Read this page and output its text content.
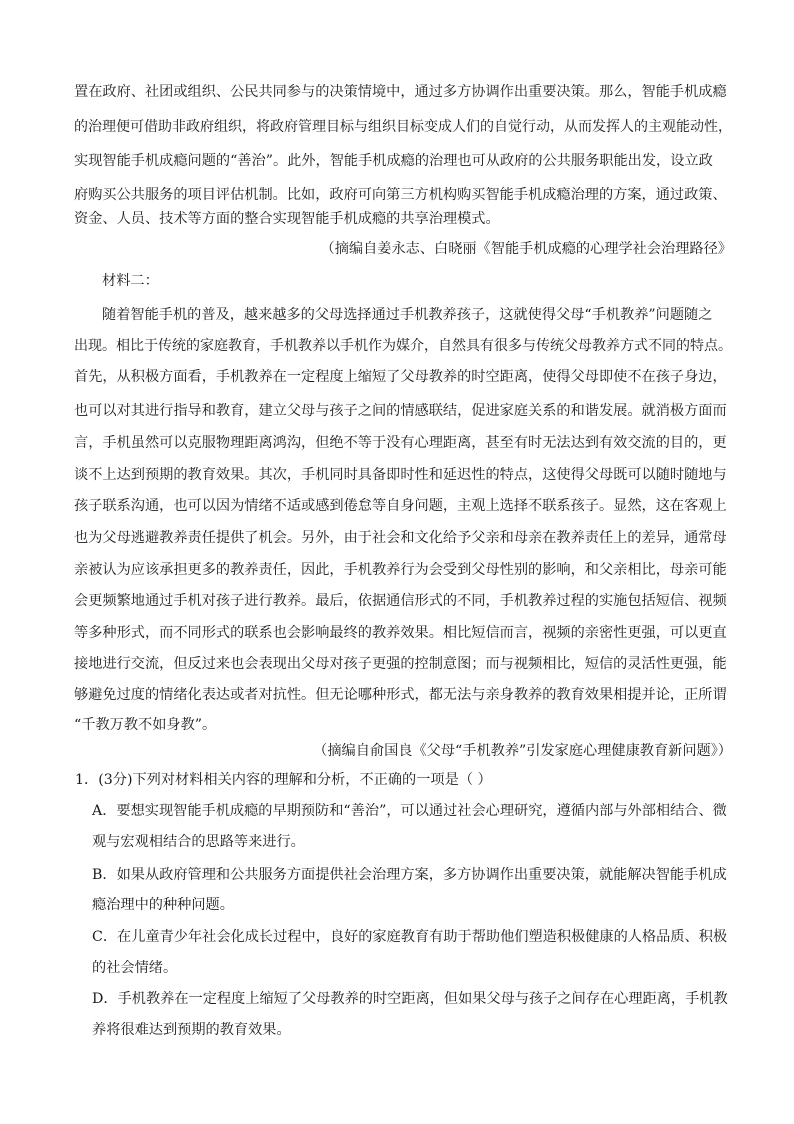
置在政府、社团或组织、公民共同参与的决策情境中，通过多方协调作出重要决策。那么，智能手机成瘾
的治理便可借助非政府组织，将政府管理目标与组织目标变成人们的自觉行动，从而发挥人的主观能动性，
实现智能手机成瘾问题的“善治”。此外，智能手机成瘾的治理也可从政府的公共服务职能出发，设立政
府购买公共服务的项目评估机制。比如，政府可向第三方机构购买智能手机成瘾治理的方案，通过政策、
资金、人员、技术等方面的整合实现智能手机成瘾的共享治理模式。
（摘编自姜永志、白晓丽《智能手机成瘾的心理学社会治理路径》
材料二：
随着智能手机的普及，越来越多的父母选择通过手机教养孩子，这就使得父母“手机教养”问题随之
出现。相比于传统的家庭教育，手机教养以手机作为媒介，自然具有很多与传统父母教养方式不同的特点。
首先，从积极方面看，手机教养在一定程度上缩短了父母教养的时空距离，使得父母即使不在孩子身边，
也可以对其进行指导和教育，建立父母与孩子之间的情感联结，促进家庭关系的和谐发展。就消极方面而
言，手机虽然可以克服物理距离鸿沟，但绝不等于没有心理距离，甚至有时无法达到有效交流的目的，更
谈不上达到预期的教育效果。其次，手机同时具备即时性和延迟性的特点，这使得父母既可以随时随地与
孩子联系沟通，也可以因为情绪不适或感到倦怠等自身问题，主观上选择不联系孩子。显然，这在客观上
也为父母逃避教养责任提供了机会。另外，由于社会和文化给予父亲和母亲在教养责任上的差异，通常母
亲被认为应该承担更多的教养责任，因此，手机教养行为会受到父母性别的影响，和父亲相比，母亲可能
会更频繁地通过手机对孩子进行教养。最后，依据通信形式的不同，手机教养过程的实施包括短信、视频
等多种形式，而不同形式的联系也会影响最终的教养效果。相比短信而言，视频的亲密性更强，可以更直
接地进行交流，但反过来也会表现出父母对孩子更强的控制意图；而与视频相比，短信的灵活性更强，能
够避免过度的情绪化表达或者对抗性。但无论哪种形式，都无法与亲身教养的教育效果相提并论，正所谓
“千教万教不如身教”。
（摘编自俞国良《父母“手机教养”引发家庭心理健康教育新问题》）
1．(3分)下列对材料相关内容的理解和分析，不正确的一项是（ ）
A．要想实现智能手机成瘾的早期预防和“善治”，可以通过社会心理研究，遵循内部与外部相结合、微
观与宏观相结合的思路等来进行。
B．如果从政府管理和公共服务方面提供社会治理方案，多方协调作出重要决策，就能解决智能手机成
瘾治理中的种种问题。
C．在儿童青少年社会化成长过程中，良好的家庭教育有助于帮助他们塑造积极健康的人格品质、积极
的社会情绪。
D．手机教养在一定程度上缩短了父母教养的时空距离，但如果父母与孩子之间存在心理距离，手机教
养将很难达到预期的教育效果。
